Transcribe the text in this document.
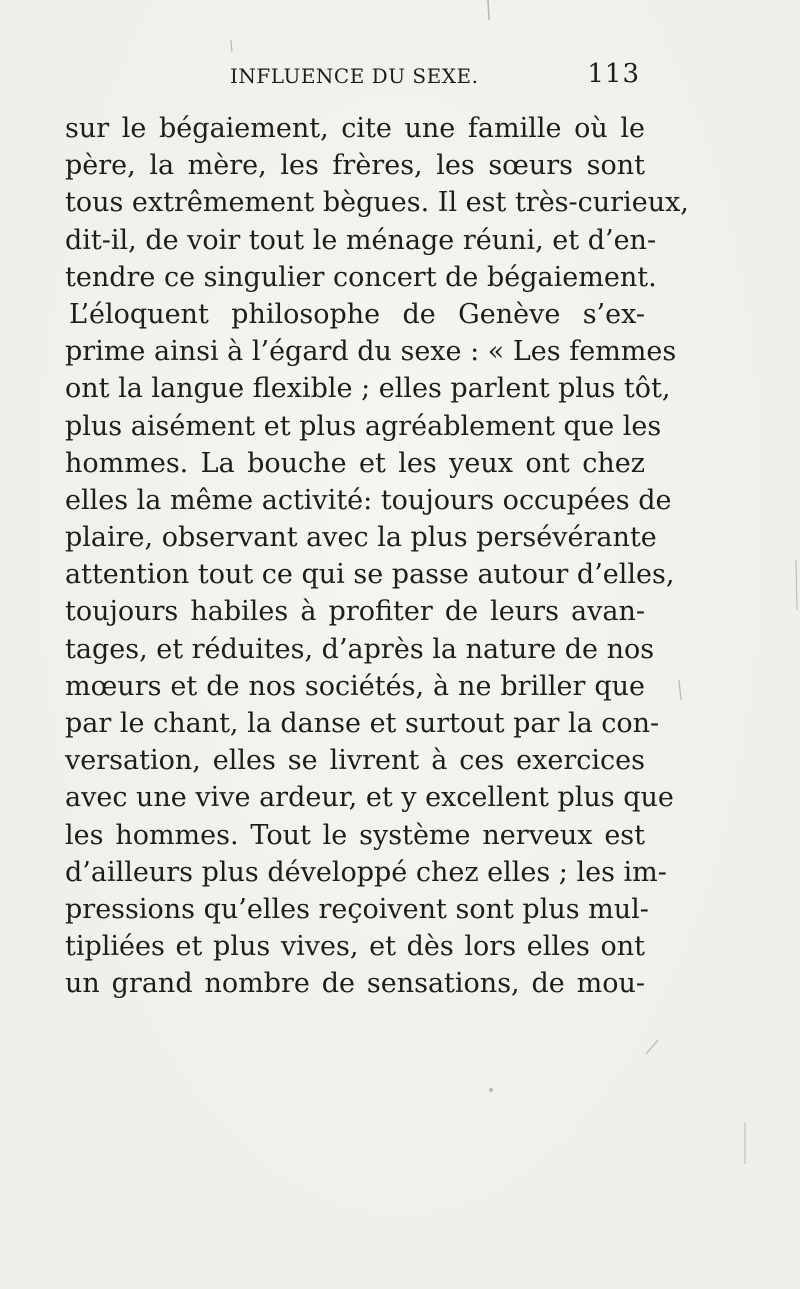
INFLUENCE DU SEXE.	113
sur le bégaiement, cite une famille où le
père, la mère, les frères, les sœurs sont
tous extrêmement bègues. Il est très-curieux,
dit-il, de voir tout le ménage réuni, et d’en-
tendre ce singulier concert de bégaiement.
L’éloquent philosophe de Genève s’ex-
prime ainsi à l’égard du sexe : « Les femmes
ont la langue flexible ; elles parlent plus tôt,
plus aisément et plus agréablement que les
hommes. La bouche et les yeux ont chez
elles la même activité: toujours occupées de
plaire, observant avec la plus persévérante
attention tout ce qui se passe autour d’elles,
toujours habiles à profiter de leurs avan-
tages, et réduites, d’après la nature de nos
mœurs et de nos sociétés, à ne briller que
par le chant, la danse et surtout par la con-
versation, elles se livrent à ces exercices
avec une vive ardeur, et y excellent plus que
les hommes. Tout le système nerveux est
d’ailleurs plus développé chez elles ; les im-
pressions qu’elles reçoivent sont plus mul-
tipliées et plus vives, et dès lors elles ont
un grand nombre de sensations, de mou-
